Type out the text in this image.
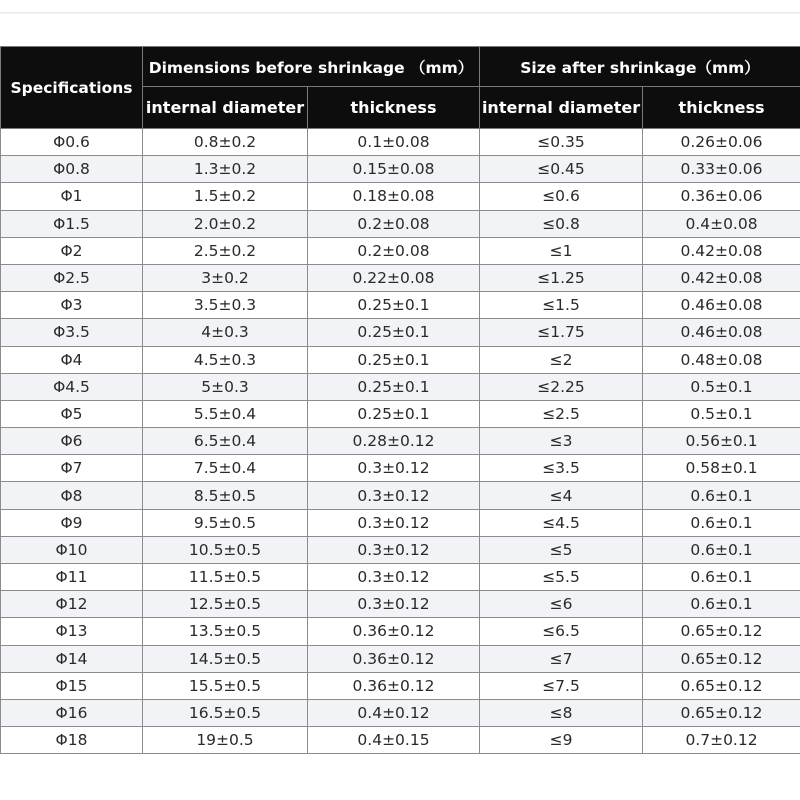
Specifications	Dimensions before shrinkage （mm）		Size after shrinkage（mm）	
	internal diameter	thickness	internal diameter	thickness
Φ0.6	0.8±0.2	0.1±0.08	≤0.35	0.26±0.06
Φ0.8	1.3±0.2	0.15±0.08	≤0.45	0.33±0.06
Φ1	1.5±0.2	0.18±0.08	≤0.6	0.36±0.06
Φ1.5	2.0±0.2	0.2±0.08	≤0.8	0.4±0.08
Φ2	2.5±0.2	0.2±0.08	≤1	0.42±0.08
Φ2.5	3±0.2	0.22±0.08	≤1.25	0.42±0.08
Φ3	3.5±0.3	0.25±0.1	≤1.5	0.46±0.08
Φ3.5	4±0.3	0.25±0.1	≤1.75	0.46±0.08
Φ4	4.5±0.3	0.25±0.1	≤2	0.48±0.08
Φ4.5	5±0.3	0.25±0.1	≤2.25	0.5±0.1
Φ5	5.5±0.4	0.25±0.1	≤2.5	0.5±0.1
Φ6	6.5±0.4	0.28±0.12	≤3	0.56±0.1
Φ7	7.5±0.4	0.3±0.12	≤3.5	0.58±0.1
Φ8	8.5±0.5	0.3±0.12	≤4	0.6±0.1
Φ9	9.5±0.5	0.3±0.12	≤4.5	0.6±0.1
Φ10	10.5±0.5	0.3±0.12	≤5	0.6±0.1
Φ11	11.5±0.5	0.3±0.12	≤5.5	0.6±0.1
Φ12	12.5±0.5	0.3±0.12	≤6	0.6±0.1
Φ13	13.5±0.5	0.36±0.12	≤6.5	0.65±0.12
Φ14	14.5±0.5	0.36±0.12	≤7	0.65±0.12
Φ15	15.5±0.5	0.36±0.12	≤7.5	0.65±0.12
Φ16	16.5±0.5	0.4±0.12	≤8	0.65±0.12
Φ18	19±0.5	0.4±0.15	≤9	0.7±0.12
